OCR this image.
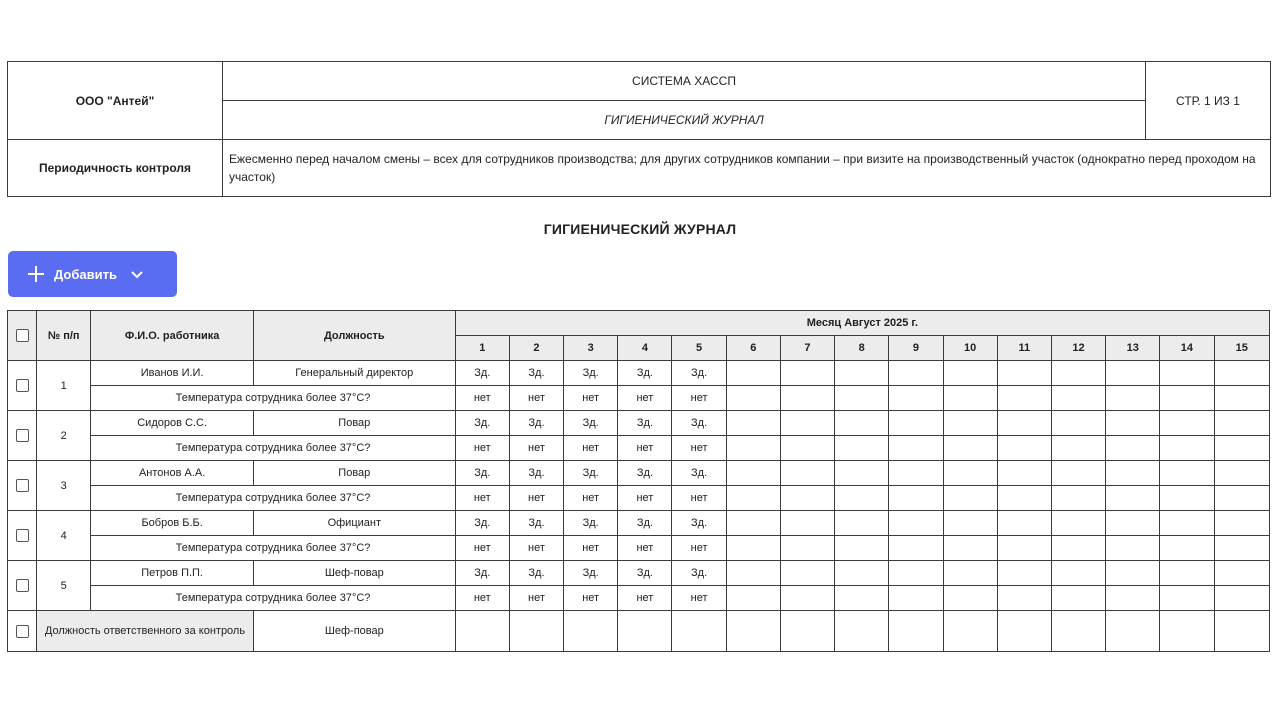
ООО "Антей"	СИСТЕМА ХАССП	СТР. 1 ИЗ 1
	ГИГИЕНИЧЕСКИЙ ЖУРНАЛ	
Периодичность контроля	Ежесменно перед началом смены – всех для сотрудников производства; для других сотрудников компании – при визите на производственный участок (однократно перед проходом на участок)	
ГИГИЕНИЧЕСКИЙ ЖУРНАЛ
Добавить
	№ п/п	Ф.И.О. работника	Должность	Месяц Август 2025 г.														
				1	2	3	4	5	6	7	8	9	10	11	12	13	14	15
	1	Иванов И.И.	Генеральный директор	Зд.	Зд.	Зд.	Зд.	Зд.										
		Температура сотрудника более 37°C?		нет	нет	нет	нет	нет										
	2	Сидоров С.С.	Повар	Зд.	Зд.	Зд.	Зд.	Зд.										
		Температура сотрудника более 37°C?		нет	нет	нет	нет	нет										
	3	Антонов А.А.	Повар	Зд.	Зд.	Зд.	Зд.	Зд.										
		Температура сотрудника более 37°C?		нет	нет	нет	нет	нет										
	4	Бобров Б.Б.	Официант	Зд.	Зд.	Зд.	Зд.	Зд.										
		Температура сотрудника более 37°C?		нет	нет	нет	нет	нет										
	5	Петров П.П.	Шеф-повар	Зд.	Зд.	Зд.	Зд.	Зд.										
		Температура сотрудника более 37°C?		нет	нет	нет	нет	нет										
	Должность ответственного за контроль		Шеф-повар															
